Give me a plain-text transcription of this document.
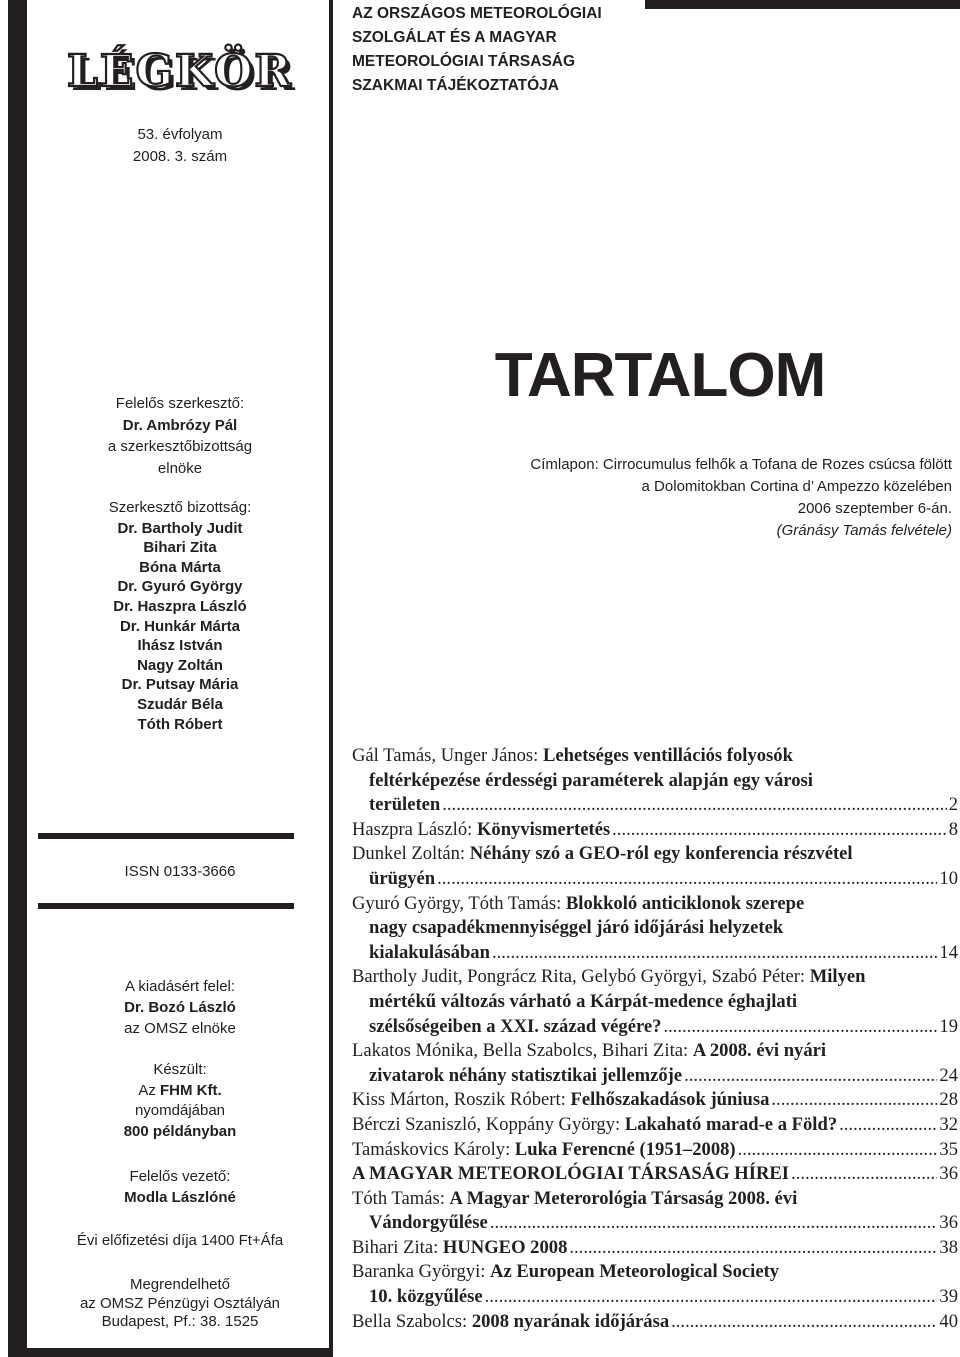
LÉGKÖR
AZ ORSZÁGOS METEOROLÓGIAI
SZOLGÁLAT ÉS A MAGYAR
METEOROLÓGIAI TÁRSASÁG
SZAKMAI TÁJÉKOZTATÓJA
53. évfolyam
2008. 3. szám
Felelős szerkesztő:
Dr. Ambrózy Pál
a szerkesztőbizottság
elnöke
Szerkesztő bizottság:
Dr. Bartholy Judit
Bihari Zita
Bóna Márta
Dr. Gyuró György
Dr. Haszpra László
Dr. Hunkár Márta
Ihász István
Nagy Zoltán
Dr. Putsay Mária
Szudár Béla
Tóth Róbert
ISSN 0133-3666
A kiadásért felel:
Dr. Bozó László
az OMSZ elnöke
Készült:
Az FHM Kft.
nyomdájában
800 példányban
Felelős vezető:
Modla Lászlóné
Évi előfizetési díja 1400 Ft+Áfa
Megrendelhető
az OMSZ Pénzügyi Osztályán
Budapest, Pf.: 38. 1525
TARTALOM
Címlapon: Cirrocumulus felhők a Tofana de Rozes csúcsa fölött
a Dolomitokban Cortina d’ Ampezzo közelében
2006 szeptember 6-án.
(Gránásy Tamás felvétele)
Gál Tamás, Unger János: Lehetséges ventillációs folyosók
feltérképezése érdességi paraméterek alapján egy városi
területen .....	2
Haszpra László: Könyvismertetés .....	8
Dunkel Zoltán: Néhány szó a GEO-ról egy konferencia részvétel
ürügyén .....	10
Gyuró György, Tóth Tamás: Blokkoló anticiklonok szerepe
nagy csapadékmennyiséggel járó időjárási helyzetek
kialakulásában .....	14
Bartholy Judit, Pongrácz Rita, Gelybó Györgyi, Szabó Péter: Milyen
mértékű változás várható a Kárpát-medence éghajlati
szélsőségeiben a XXI. század végére? .....	19
Lakatos Mónika, Bella Szabolcs, Bihari Zita: A 2008. évi nyári
zivatarok néhány statisztikai jellemzője .....	24
Kiss Márton, Roszik Róbert: Felhőszakadások júniusa .....	28
Bérczi Szaniszló, Koppány György: Lakaható marad-e a Föld? .....	32
Tamáskovics Károly: Luka Ferencné (1951–2008) .....	35
A MAGYAR METEOROLÓGIAI TÁRSASÁG HÍREI .....	36
Tóth Tamás: A Magyar Meterorológia Társaság 2008. évi
Vándorgyűlése .....	36
Bihari Zita: HUNGEO 2008 .....	38
Baranka Györgyi: Az European Meteorological Society
10. közgyűlése .....	39
Bella Szabolcs: 2008 nyarának időjárása .....	40
